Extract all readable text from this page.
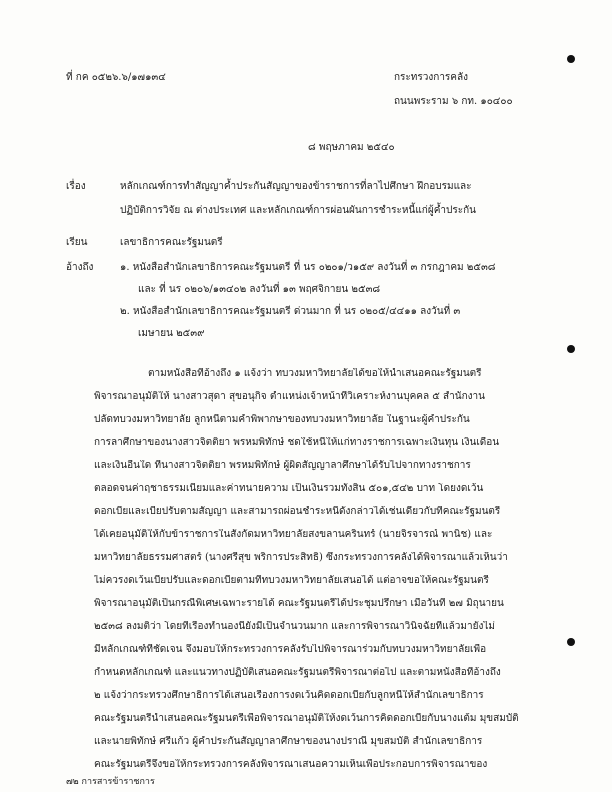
ที่ กค ๐๕๒๖.๖/๑๗๑๓๔	กระทรวงการคลัง
ถนนพระราม ๖ กท. ๑๐๔๐๐
๘ พฤษภาคม ๒๕๔๐
เรื่อง	หลักเกณฑ์การทำสัญญาค้ำประกันสัญญาของข้าราชการที่ลาไปศึกษา ฝึกอบรมและ
ปฏิบัติการวิจัย ณ ต่างประเทศ และหลักเกณฑ์การผ่อนผันการชำระหนี้แก่ผู้ค้ำประกัน
เรียน	เลขาธิการคณะรัฐมนตรี
อ้างถึง	๑. หนังสือสำนักเลขาธิการคณะรัฐมนตรี ที่ นร ๐๒๐๑/ว๑๕๙ ลงวันที่ ๓ กรกฎาคม ๒๕๓๘
และ ที่ นร ๐๒๐๖/๑๓๔๐๒ ลงวันที่ ๑๓ พฤศจิกายน ๒๕๓๘
๒. หนังสือสำนักเลขาธิการคณะรัฐมนตรี ด่วนมาก ที่ นร ๐๒๐๕/๔๔๑๑ ลงวันที่ ๓
เมษายน ๒๕๓๙
ตามหนังสือที่อ้างถึง ๑ แจ้งว่า ทบวงมหาวิทยาลัยได้ขอให้นำเสนอคณะรัฐมนตรี
พิจารณาอนุมัติให้ นางสาวสุดา สุขอนุกิจ ตำแหน่งเจ้าหน้าที่วิเคราะห์งานบุคคล ๕ สำนักงาน
ปลัดทบวงมหาวิทยาลัย ลูกหนี้ตามคำพิพากษาของทบวงมหาวิทยาลัย ในฐานะผู้ค้ำประกัน
การลาศึกษาของนางสาวจิตติยา พรหมพิทักษ์ ชดใช้หนี้ให้แก่ทางราชการเฉพาะเงินทุน เงินเดือน
และเงินอื่นใด ที่นางสาวจิตติยา พรหมพิทักษ์ ผู้ผิดสัญญาลาศึกษาได้รับไปจากทางราชการ
ตลอดจนค่าฤชาธรรมเนียมและค่าทนายความ เป็นเงินรวมทั้งสิ้น ๕๐๑,๕๔๒ บาท โดยงดเว้น
ดอกเบี้ยและเบี้ยปรับตามสัญญา และสามารถผ่อนชำระหนี้ดังกล่าวได้เช่นเดียวกับที่คณะรัฐมนตรี
ได้เคยอนุมัติให้กับข้าราชการในสังกัดมหาวิทยาลัยสงขลานครินทร์ (นายจิรจารณ์ พานิช) และ
มหาวิทยาลัยธรรมศาสตร์ (นางศรีสุข พริการประสิทธิ์) ซึ่งกระทรวงการคลังได้พิจารณาแล้วเห็นว่า
ไม่ควรงดเว้นเบี้ยปรับและดอกเบี้ยตามที่ทบวงมหาวิทยาลัยเสนอได้ แต่อาจขอให้คณะรัฐมนตรี
พิจารณาอนุมัติเป็นกรณีพิเศษเฉพาะรายได้ คณะรัฐมนตรีได้ประชุมปรึกษา เมื่อวันที่ ๒๗ มิถุนายน
๒๕๓๘ ลงมติว่า โดยที่เรื่องทำนองนี้ยังมีเป็นจำนวนมาก และการพิจารณาวินิจฉัยที่แล้วมายังไม่
มีหลักเกณฑ์ที่ชัดเจน จึงมอบให้กระทรวงการคลังรับไปพิจารณาร่วมกับทบวงมหาวิทยาลัยเพื่อ
กำหนดหลักเกณฑ์ และแนวทางปฏิบัติเสนอคณะรัฐมนตรีพิจารณาต่อไป และตามหนังสือที่อ้างถึง
๒ แจ้งว่ากระทรวงศึกษาธิการได้เสนอเรื่องการงดเว้นคิดดอกเบี้ยกับลูกหนี้ให้สำนักเลขาธิการ
คณะรัฐมนตรีนำเสนอคณะรัฐมนตรีเพื่อพิจารณาอนุมัติให้งดเว้นการคิดดอกเบี้ยกับนางแต้ม มุขสมบัติ
และนายพิทักษ์ ศรีแก้ว ผู้ค้ำประกันสัญญาลาศึกษาของนางปราณี มุขสมบัติ สำนักเลขาธิการ
คณะรัฐมนตรีจึงขอให้กระทรวงการคลังพิจารณาเสนอความเห็นเพื่อประกอบการพิจารณาของ
๗๒ การสารข้าราชการ
